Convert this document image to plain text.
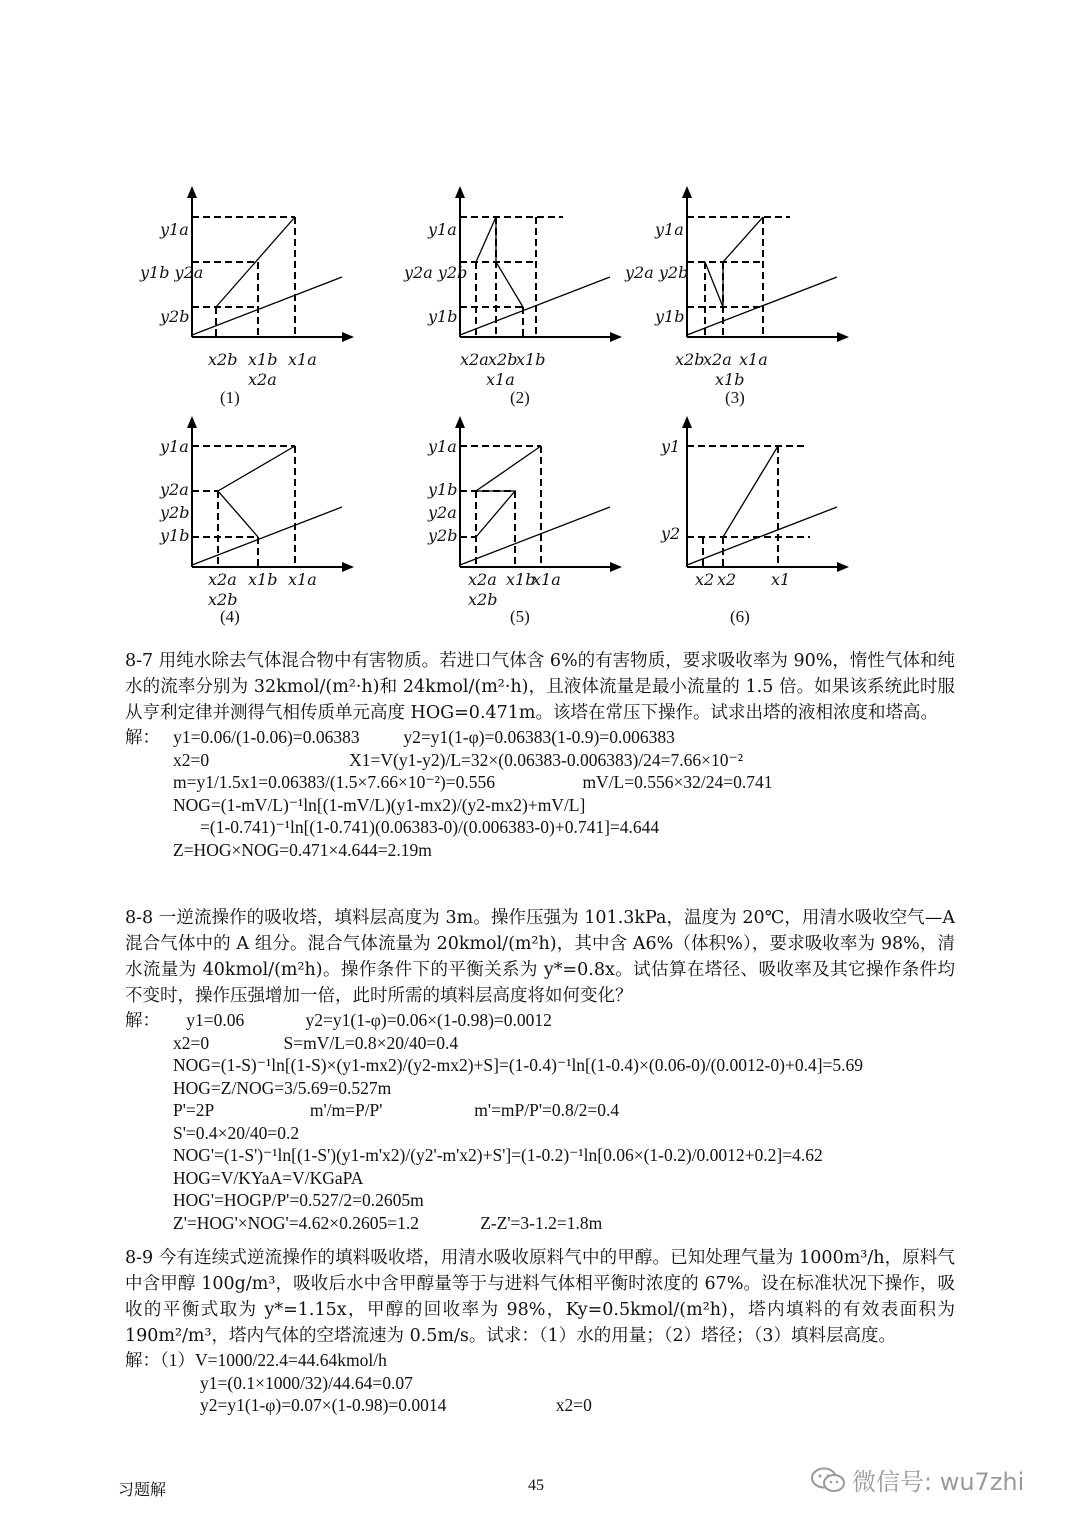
y1a
y1b y2a
y2b
x2b x1b x1a
x2a
(1)
y1a
y2a y2b
y1b
x2a x2b
x1b
x1a
(2)
y1a
y2a y2b
y1b
x2b
x2a x1a
x1b
(3)
y1a
y2a
y2b
y1b
x2a x1b x1a
x2b
(4)
y1a
y1b
y2a
y2b
x2a x1b
x1a
x2b
(5)
y1
y2
x2 x2 x1
(6)

8-7 用纯水除去气体混合物中有害物质。若进口气体含 6%的有害物质，要求吸收率为 90%，惰性气体和纯水的流率分别为 32kmol/(m²·h)和 24kmol/(m²·h)，且液体流量是最小流量的 1.5 倍。如果该系统此时服从亨利定律并测得气相传质单元高度 HOG=0.471m。该塔在常压下操作。试求出塔的液相浓度和塔高。

解：   y1=0.06/(1-0.06)=0.06383          y2=y1(1-φ)=0.06383(1-0.9)=0.006383
x2=0                                X1=V(y1-y2)/L=32×(0.06383-0.006383)/24=7.66×10⁻²
m=y1/1.5x1=0.06383/(1.5×7.66×10⁻²)=0.556                    mV/L=0.556×32/24=0.741
NOG=(1-mV/L)⁻¹ln[(1-mV/L)(y1-mx2)/(y2-mx2)+mV/L]
=(1-0.741)⁻¹ln[(1-0.741)(0.06383-0)/(0.006383-0)+0.741]=4.644
Z=HOG×NOG=0.471×4.644=2.19m

8-8 一逆流操作的吸收塔，填料层高度为 3m。操作压强为 101.3kPa，温度为 20℃，用清水吸收空气—A 混合气体中的 A 组分。混合气体流量为 20kmol/(m²h)，其中含 A6%（体积%），要求吸收率为 98%，清水流量为 40kmol/(m²h)。操作条件下的平衡关系为 y*=0.8x。试估算在塔径、吸收率及其它操作条件均不变时，操作压强增加一倍，此时所需的填料层高度将如何变化？

解：      y1=0.06              y2=y1(1-φ)=0.06×(1-0.98)=0.0012
x2=0                 S=mV/L=0.8×20/40=0.4
NOG=(1-S)⁻¹ln[(1-S)×(y1-mx2)/(y2-mx2)+S]=(1-0.4)⁻¹ln[(1-0.4)×(0.06-0)/(0.0012-0)+0.4]=5.69
HOG=Z/NOG=3/5.69=0.527m
P'=2P                      m'/m=P/P'                     m'=mP/P'=0.8/2=0.4
S'=0.4×20/40=0.2
NOG'=(1-S')⁻¹ln[(1-S')(y1-m'x2)/(y2'-m'x2)+S']=(1-0.2)⁻¹ln[0.06×(1-0.2)/0.0012+0.2]=4.62
HOG=V/KYaA=V/KGaPA
HOG'=HOGP/P'=0.527/2=0.2605m
Z'=HOG'×NOG'=4.62×0.2605=1.2              Z-Z'=3-1.2=1.8m

8-9 今有连续式逆流操作的填料吸收塔，用清水吸收原料气中的甲醇。已知处理气量为 1000m³/h，原料气中含甲醇 100g/m³，吸收后水中含甲醇量等于与进料气体相平衡时浓度的 67%。设在标准状况下操作，吸收的平衡式取为 y*=1.15x，甲醇的回收率为 98%，Ky=0.5kmol/(m²h)，塔内填料的有效表面积为 190m²/m³，塔内气体的空塔流速为 0.5m/s。试求：（1）水的用量；（2）塔径；（3）填料层高度。

解：（1）V=1000/22.4=44.64kmol/h
y1=(0.1×1000/32)/44.64=0.07
y2=y1(1-φ)=0.07×(1-0.98)=0.0014                         x2=0
习题解	45	微信号: wu7zhi
